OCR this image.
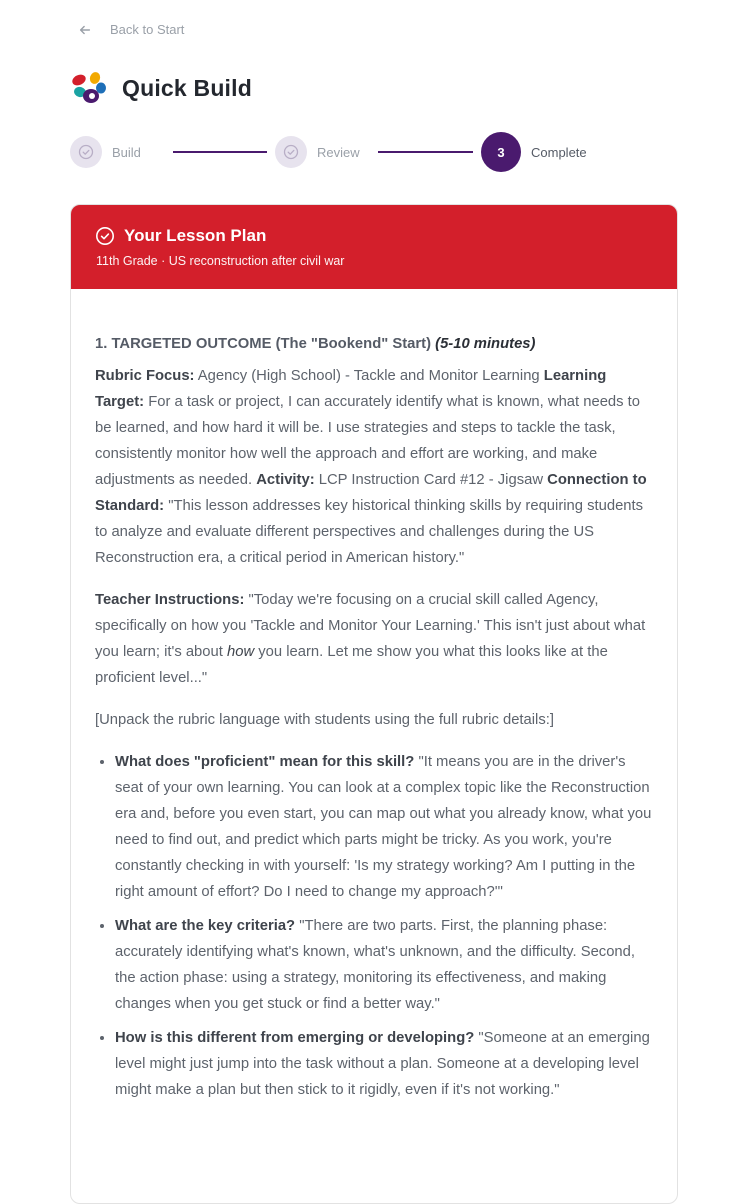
Back to Start
Quick Build
Build	Review	3	Complete
Your Lesson Plan
11th Grade · US reconstruction after civil war

1. TARGETED OUTCOME (The "Bookend" Start) (5-10 minutes)

Rubric Focus: Agency (High School) - Tackle and Monitor Learning Learning Target: For a task or project, I can accurately identify what is known, what needs to be learned, and how hard it will be. I use strategies and steps to tackle the task, consistently monitor how well the approach and effort are working, and make adjustments as needed. Activity: LCP Instruction Card #12 - Jigsaw Connection to Standard: "This lesson addresses key historical thinking skills by requiring students to analyze and evaluate different perspectives and challenges during the US Reconstruction era, a critical period in American history."

Teacher Instructions: "Today we're focusing on a crucial skill called Agency, specifically on how you 'Tackle and Monitor Your Learning.' This isn't just about what you learn; it's about how you learn. Let me show you what this looks like at the proficient level..."

[Unpack the rubric language with students using the full rubric details:]

• What does "proficient" mean for this skill? "It means you are in the driver's seat of your own learning. You can look at a complex topic like the Reconstruction era and, before you even start, you can map out what you already know, what you need to find out, and predict which parts might be tricky. As you work, you're constantly checking in with yourself: 'Is my strategy working? Am I putting in the right amount of effort? Do I need to change my approach?'"
• What are the key criteria? "There are two parts. First, the planning phase: accurately identifying what's known, what's unknown, and the difficulty. Second, the action phase: using a strategy, monitoring its effectiveness, and making changes when you get stuck or find a better way."
• How is this different from emerging or developing? "Someone at an emerging level might just jump into the task without a plan. Someone at a developing level might make a plan but then stick to it rigidly, even if it's not working."
